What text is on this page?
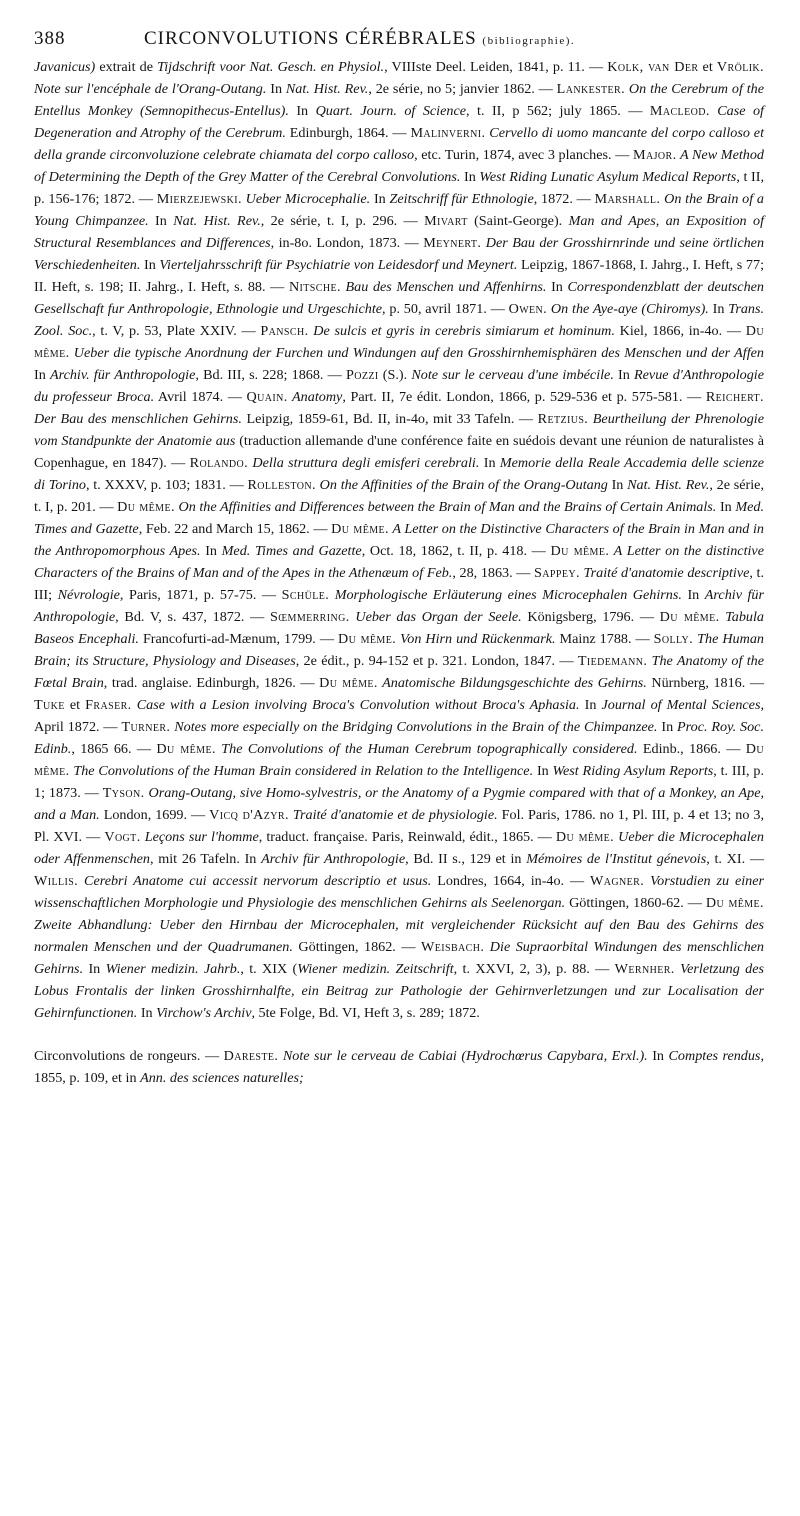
388	CIRCONVOLUTIONS CÉRÉBRALES (bibliographie).
Javanicus) extrait de Tijdschrift voor Nat. Gesch. en Physiol., VIIIste Deel. Leiden, 1841, p. 11. — Kolk, van Der et Vrölik. Note sur l'encéphale de l'Orang-Outang. In Nat. Hist. Rev., 2e série, no 5; janvier 1862. — Lankester. On the Cerebrum of the Entellus Monkey (Semnopithecus-Entellus). In Quart. Journ. of Science, t. II, p 562; july 1865. — Macleod. Case of Degeneration and Atrophy of the Cerebrum. Edinburgh, 1864. — Malinverni. Cervello di uomo mancante del corpo calloso et della grande circonvoluzione celebrate chiamata del corpo calloso, etc. Turin, 1874, avec 3 planches. — Major. A New Method of Determining the Depth of the Grey Matter of the Cerebral Convolutions. In West Riding Lunatic Asylum Medical Reports, t II, p. 156-176; 1872. — Mierzejewski. Ueber Microcephalie. In Zeitschriff für Ethnologie, 1872. — Marshall. On the Brain of a Young Chimpanzee. In Nat. Hist. Rev., 2e série, t. I, p. 296. — Mivart (Saint-George). Man and Apes, an Exposition of Structural Resemblances and Differences, in-8o. London, 1873. — Meynert. Der Bau der Grosshirnrinde und seine örtlichen Verschiedenheiten. In Vierteljahrsschrift für Psychiatrie von Leidesdorf und Meynert. Leipzig, 1867-1868, I. Jahrg., I. Heft, s 77; II. Heft, s. 198; II. Jahrg., I. Heft, s. 88. — Nitsche. Bau des Menschen und Affenhirns. In Correspondenzblatt der deutschen Gesellschaft fur Anthropologie, Ethnologie und Urgeschichte, p. 50, avril 1871. — Owen. On the Aye-aye (Chiromys). In Trans. Zool. Soc., t. V, p. 53, Plate XXIV. — Pansch. De sulcis et gyris in cerebris simiarum et hominum. Kiel, 1866, in-4o. — Du même. Ueber die typische Anordnung der Furchen und Windungen auf den Grosshirnhemisphären des Menschen und der Affen In Archiv. für Anthropologie, Bd. III, s. 228; 1868. — Pozzi (S.). Note sur le cerveau d'une imbécile. In Revue d'Anthropologie du professeur Broca. Avril 1874. — Quain. Anatomy, Part. II, 7e édit. London, 1866, p. 529-536 et p. 575-581. — Reichert. Der Bau des menschlichen Gehirns. Leipzig, 1859-61, Bd. II, in-4o, mit 33 Tafeln. — Retzius. Beurtheilung der Phrenologie vom Standpunkte der Anatomie aus (traduction allemande d'une conférence faite en suédois devant une réunion de naturalistes à Copenhague, en 1847). — Rolando. Della struttura degli emisferi cerebrali. In Memorie della Reale Accademia delle scienze di Torino, t. XXXV, p. 103; 1831. — Rolleston. On the Affinities of the Brain of the Orang-Outang In Nat. Hist. Rev., 2e série, t. I, p. 201. — Du même. On the Affinities and Differences between the Brain of Man and the Brains of Certain Animals. In Med. Times and Gazette, Feb. 22 and March 15, 1862. — Du même. A Letter on the Distinctive Characters of the Brain in Man and in the Anthropomorphous Apes. In Med. Times and Gazette, Oct. 18, 1862, t. II, p. 418. — Du même. A Letter on the distinctive Characters of the Brains of Man and of the Apes in the Athenæum of Feb., 28, 1863. — Sappey. Traité d'anatomie descriptive, t. III; Névrologie, Paris, 1871, p. 57-75. — Schüle. Morphologische Erläuterung eines Microcephalen Gehirns. In Archiv für Anthropologie, Bd. V, s. 437, 1872. — Sœmmerring. Ueber das Organ der Seele. Königsberg, 1796. — Du même. Tabula Baseos Encephali. Francofurti-ad-Mænum, 1799. — Du même. Von Hirn und Rückenmark. Mainz 1788. — Solly. The Human Brain; its Structure, Physiology and Diseases, 2e édit., p. 94-152 et p. 321. London, 1847. — Tiedemann. The Anatomy of the Fœtal Brain, trad. anglaise. Edinburgh, 1826. — Du même. Anatomische Bildungsgeschichte des Gehirns. Nürnberg, 1816. — Tuke et Fraser. Case with a Lesion involving Broca's Convolution without Broca's Aphasia. In Journal of Mental Sciences, April 1872. — Turner. Notes more especially on the Bridging Convolutions in the Brain of the Chimpanzee. In Proc. Roy. Soc. Edinb., 1865 66. — Du même. The Convolutions of the Human Cerebrum topographically considered. Edinb., 1866. — Du même. The Convolutions of the Human Brain considered in Relation to the Intelligence. In West Riding Asylum Reports, t. III, p. 1; 1873. — Tyson. Orang-Outang, sive Homo-sylvestris, or the Anatomy of a Pygmie compared with that of a Monkey, an Ape, and a Man. London, 1699. — Vicq d'Azyr. Traité d'anatomie et de physiologie. Fol. Paris, 1786. no 1, Pl. III, p. 4 et 13; no 3, Pl. XVI. — Vogt. Leçons sur l'homme, traduct. française. Paris, Reinwald, édit., 1865. — Du même. Ueber die Microcephalen oder Affenmenschen, mit 26 Tafeln. In Archiv für Anthropologie, Bd. II s., 129 et in Mémoires de l'Institut génevois, t. XI. — Willis. Cerebri Anatome cui accessit nervorum descriptio et usus. Londres, 1664, in-4o. — Wagner. Vorstudien zu einer wissenschaftlichen Morphologie und Physiologie des menschlichen Gehirns als Seelenorgan. Göttingen, 1860-62. — Du même. Zweite Abhandlung: Ueber den Hirnbau der Microcephalen, mit vergleichender Rücksicht auf den Bau des Gehirns des normalen Menschen und der Quadrumanen. Göttingen, 1862. — Weisbach. Die Supraorbital Windungen des menschlichen Gehirns. In Wiener medizin. Jahrb., t. XIX (Wiener medizin. Zeitschrift, t. XXVI, 2, 3), p. 88. — Wernher. Verletzung des Lobus Frontalis der linken Grosshirnhalfte, ein Beitrag zur Pathologie der Gehirnverletzungen und zur Localisation der Gehirnfunctionen. In Virchow's Archiv, 5te Folge, Bd. VI, Heft 3, s. 289; 1872.
Circonvolutions de rongeurs. — Dareste. Note sur le cerveau de Cabiai (Hydrochœrus Capybara, Erxl.). In Comptes rendus, 1855, p. 109, et in Ann. des sciences naturelles;
